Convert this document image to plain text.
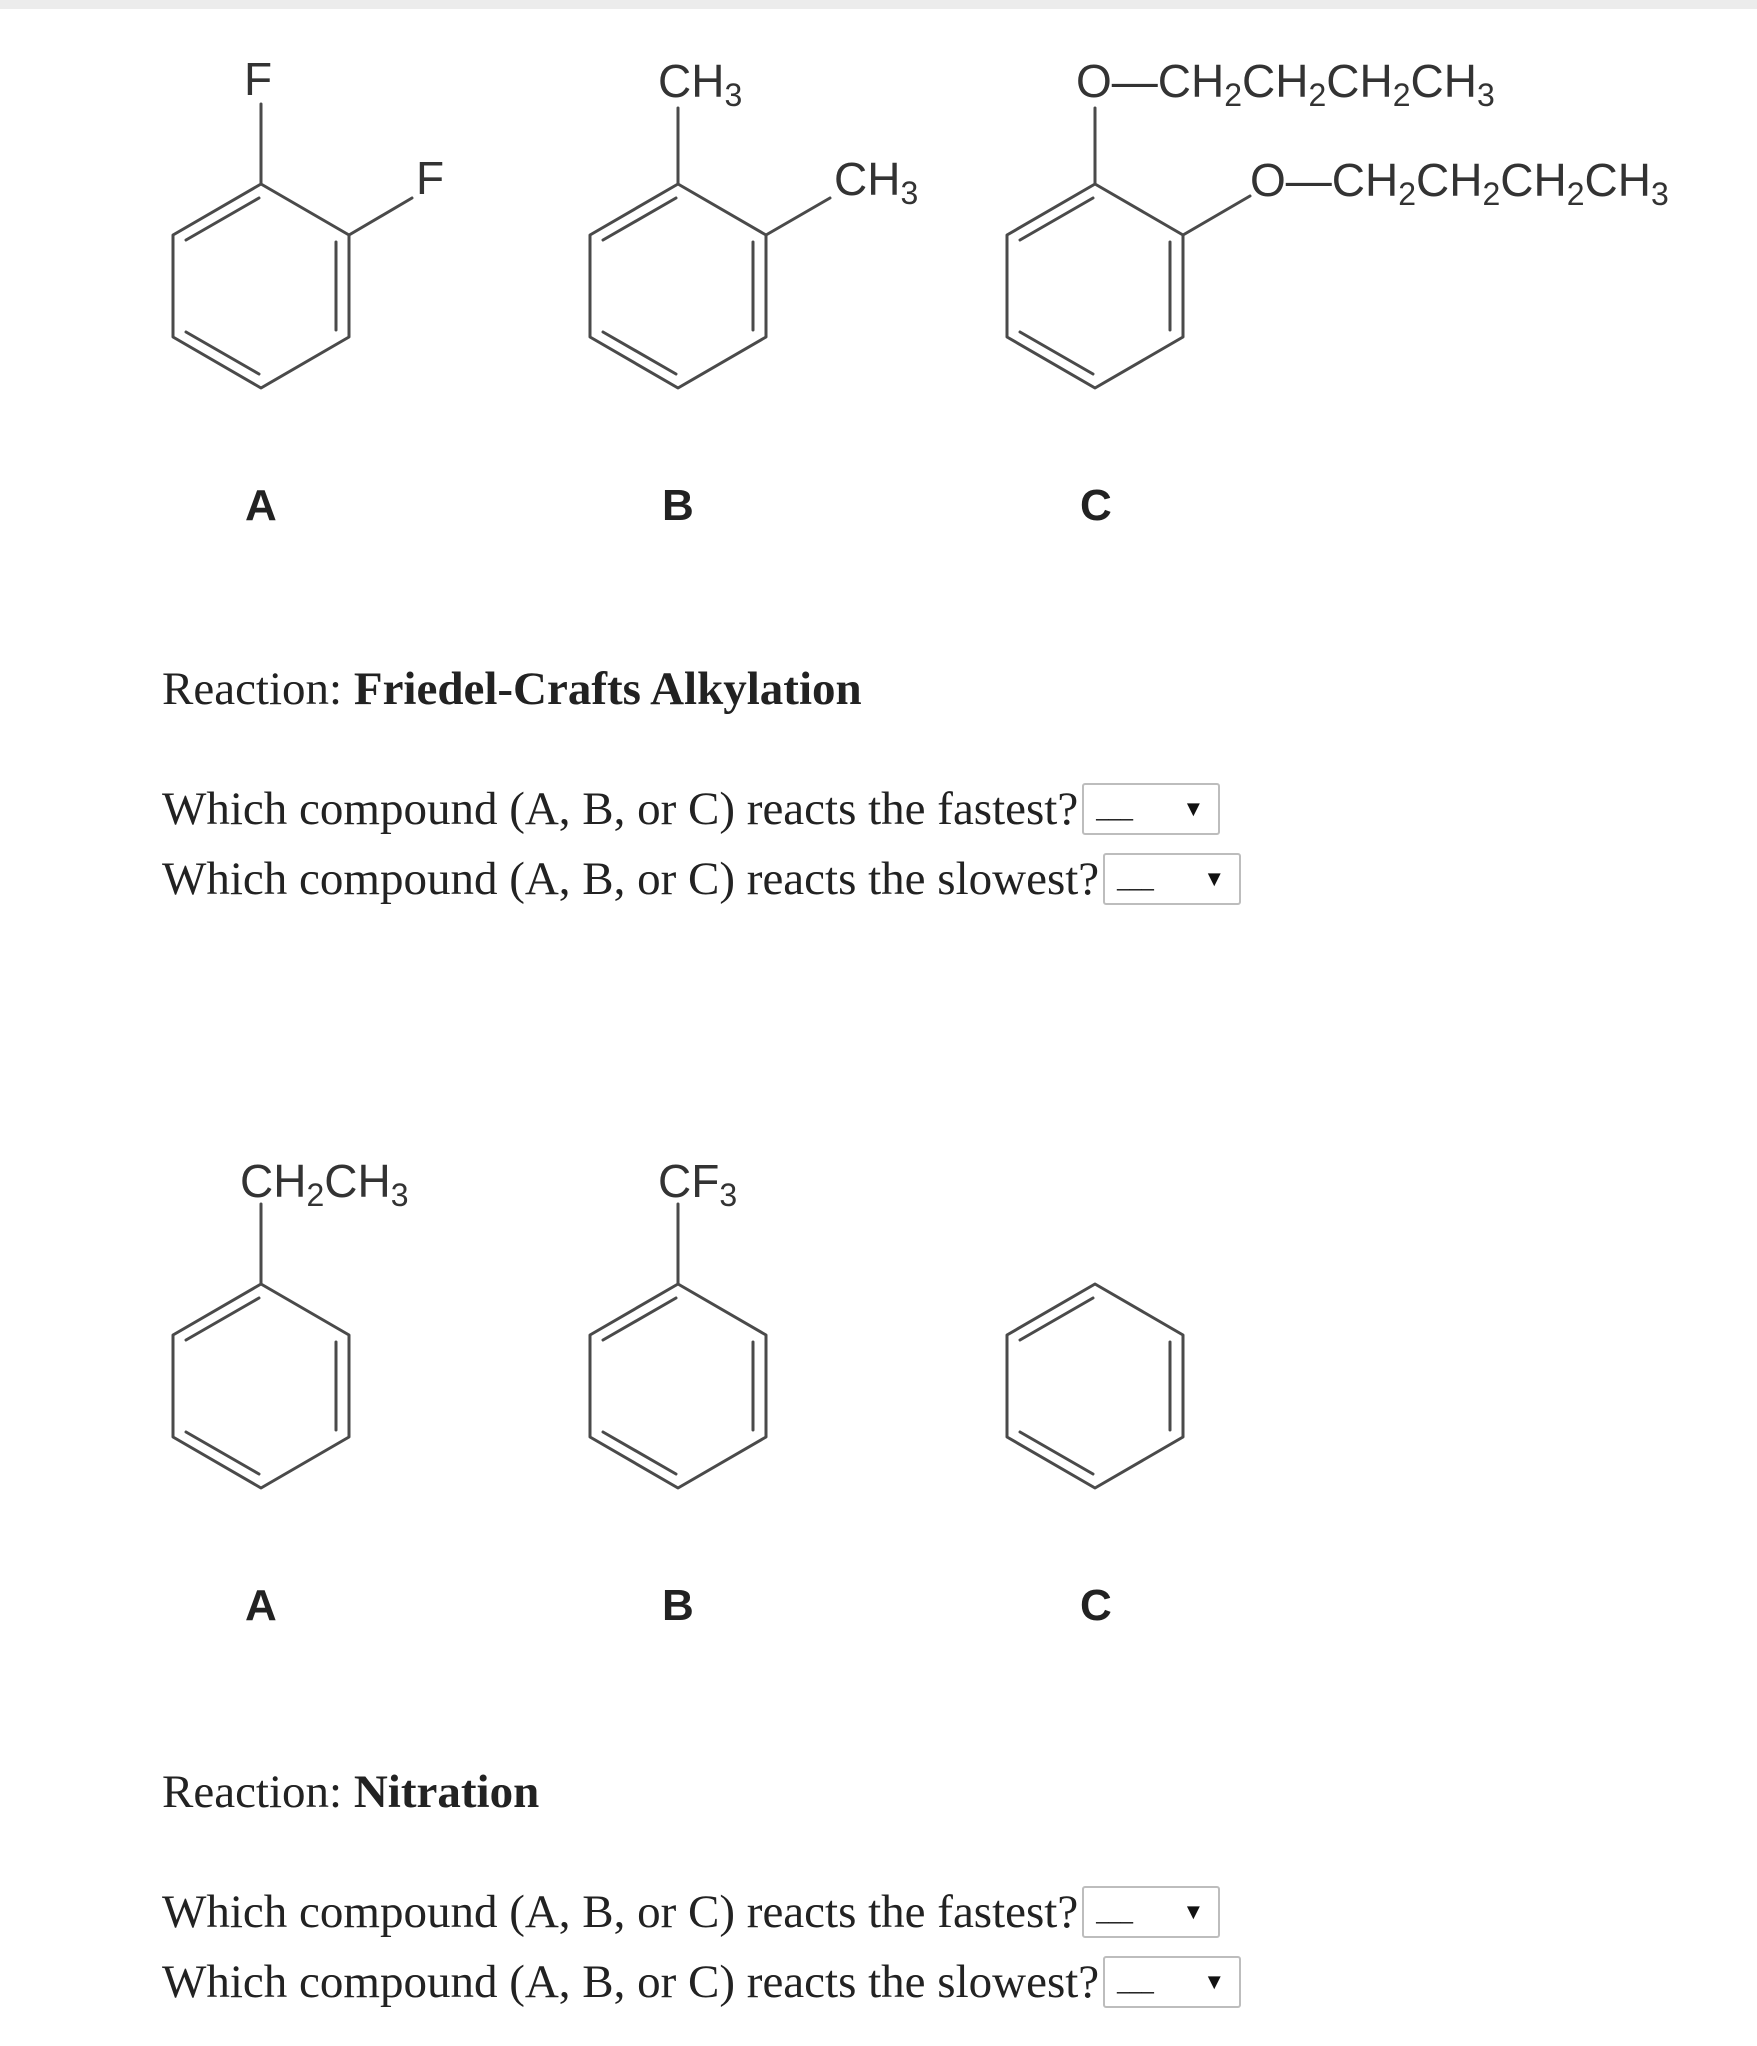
F
F
CH3
CH3
O—CH2CH2CH2CH3
O—CH2CH2CH2CH3
A	B	C
Reaction: Friedel-Crafts Alkylation
Which compound (A, B, or C) reacts the fastest? ___ ▼
Which compound (A, B, or C) reacts the slowest? ___ ▼
CH2CH3	CF3
A	B	C
Reaction: Nitration
Which compound (A, B, or C) reacts the fastest? ___ ▼
Which compound (A, B, or C) reacts the slowest? ___ ▼
